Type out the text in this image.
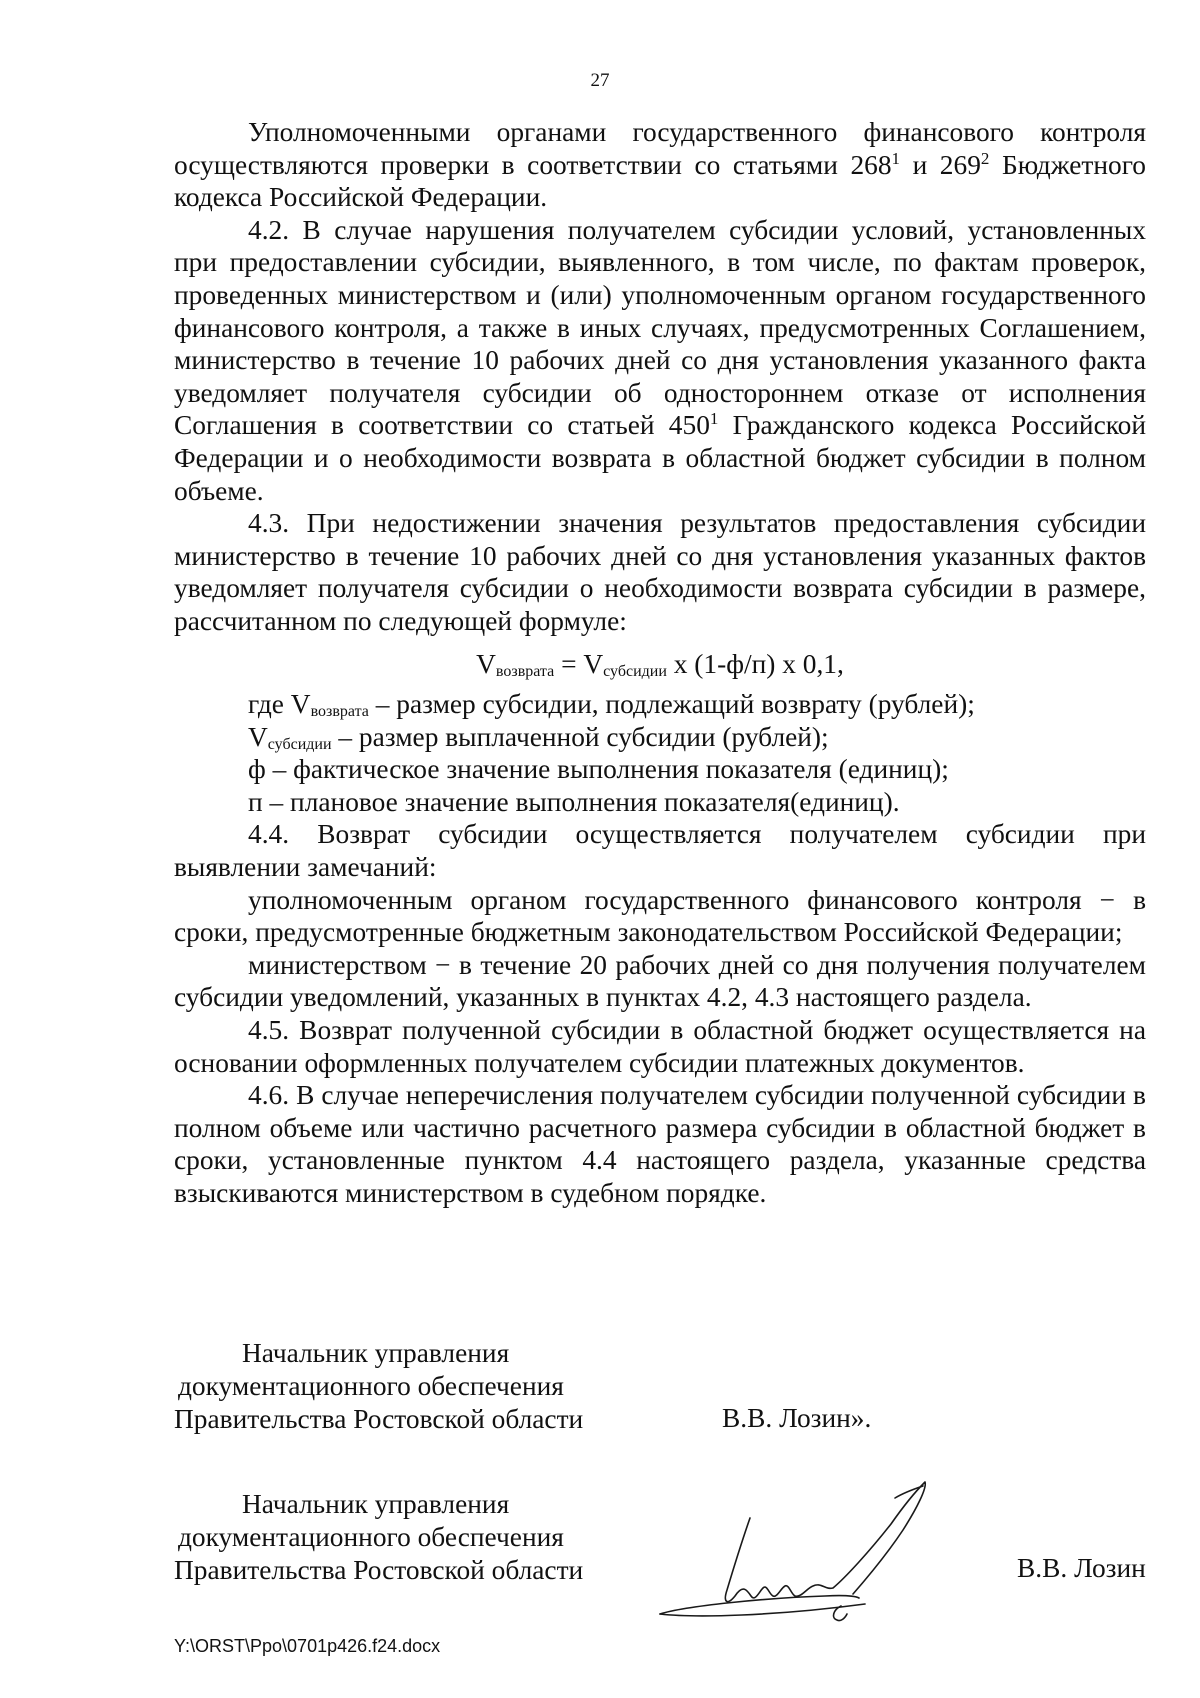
27

Уполномоченными органами государственного финансового контроля осуществляются проверки в соответствии со статьями $268^1$ и $269^2$ Бюджетного кодекса Российской Федерации.

4.2. В случае нарушения получателем субсидии условий, установленных при предоставлении субсидии, выявленного, в том числе, по фактам проверок, проведенных министерством и (или) уполномоченным органом государственного финансового контроля, а также в иных случаях, предусмотренных Соглашением, министерство в течение 10 рабочих дней со дня установления указанного факта уведомляет получателя субсидии об одностороннем отказе от исполнения Соглашения в соответствии со статьей $450^1$ Гражданского кодекса Российской Федерации и о необходимости возврата в областной бюджет субсидии в полном объеме.

4.3. При недостижении значения результатов предоставления субсидии министерство в течение 10 рабочих дней со дня установления указанных фактов уведомляет получателя субсидии о необходимости возврата субсидии в размере, рассчитанном по следующей формуле:

$V_{возврата} = V_{субсидии}$ x (1-ф/п) x 0,1,

где $V_{возврата}$ – размер субсидии, подлежащий возврату (рублей);

$V_{субсидии}$ – размер выплаченной субсидии (рублей);

ф – фактическое значение выполнения показателя (единиц);

п – плановое значение выполнения показателя(единиц).

4.4. Возврат субсидии осуществляется получателем субсидии при выявлении замечаний:

уполномоченным органом государственного финансового контроля − в сроки, предусмотренные бюджетным законодательством Российской Федерации;

министерством − в течение 20 рабочих дней со дня получения получателем субсидии уведомлений, указанных в пунктах 4.2, 4.3 настоящего раздела.

4.5. Возврат полученной субсидии в областной бюджет осуществляется на основании оформленных получателем субсидии платежных документов.

4.6. В случае неперечисления получателем субсидии полученной субсидии в полном объеме или частично расчетного размера субсидии в областной бюджет в сроки, установленные пунктом 4.4 настоящего раздела, указанные средства взыскиваются министерством в судебном порядке.

Начальник управления
документационного обеспечения
Правительства Ростовской области	В.В. Лозин».
Начальник управления
документационного обеспечения
Правительства Ростовской области	В.В. Лозин
Y:\ORST\Ppo\0701p426.f24.docx
